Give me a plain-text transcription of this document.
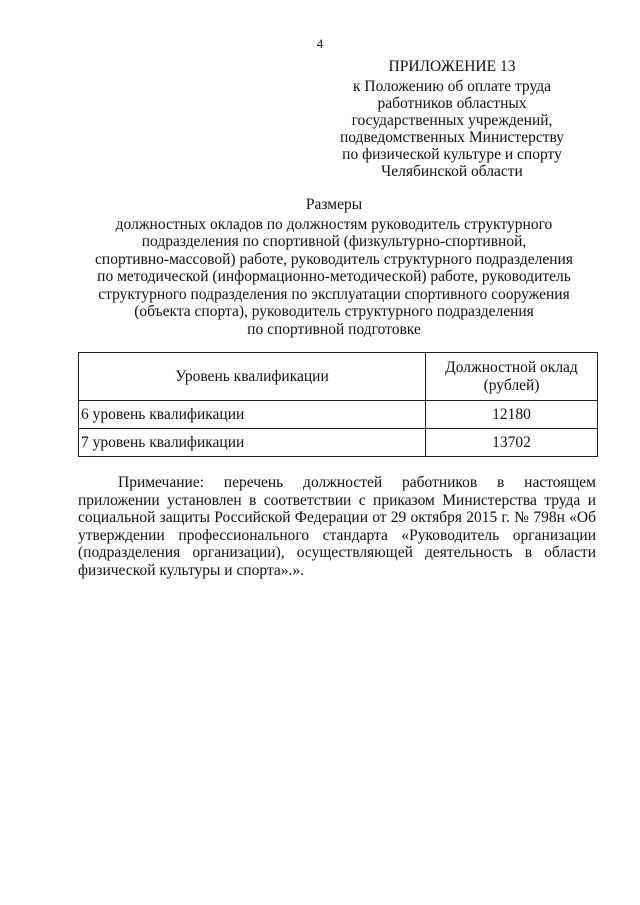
4
ПРИЛОЖЕНИЕ 13
к Положению об оплате труда
работников областных
государственных учреждений,
подведомственных Министерству
по физической культуре и спорту
Челябинской области
Размеры
должностных окладов по должностям руководитель структурного
подразделения по спортивной (физкультурно-спортивной,
спортивно-массовой) работе, руководитель структурного подразделения
по методической (информационно-методической) работе, руководитель
структурного подразделения по эксплуатации спортивного сооружения
(объекта спорта), руководитель структурного подразделения
по спортивной подготовке
Уровень квалификации	Должностной оклад
(рублей)
6 уровень квалификации	12180
7 уровень квалификации	13702

Примечание: перечень должностей работников в настоящем приложении установлен в соответствии с приказом Министерства труда и социальной защиты Российской Федерации от 29 октября 2015 г. № 798н «Об утверждении профессионального стандарта «Руководитель организации (подразделения организации), осуществляющей деятельность в области физической культуры и спорта».».
